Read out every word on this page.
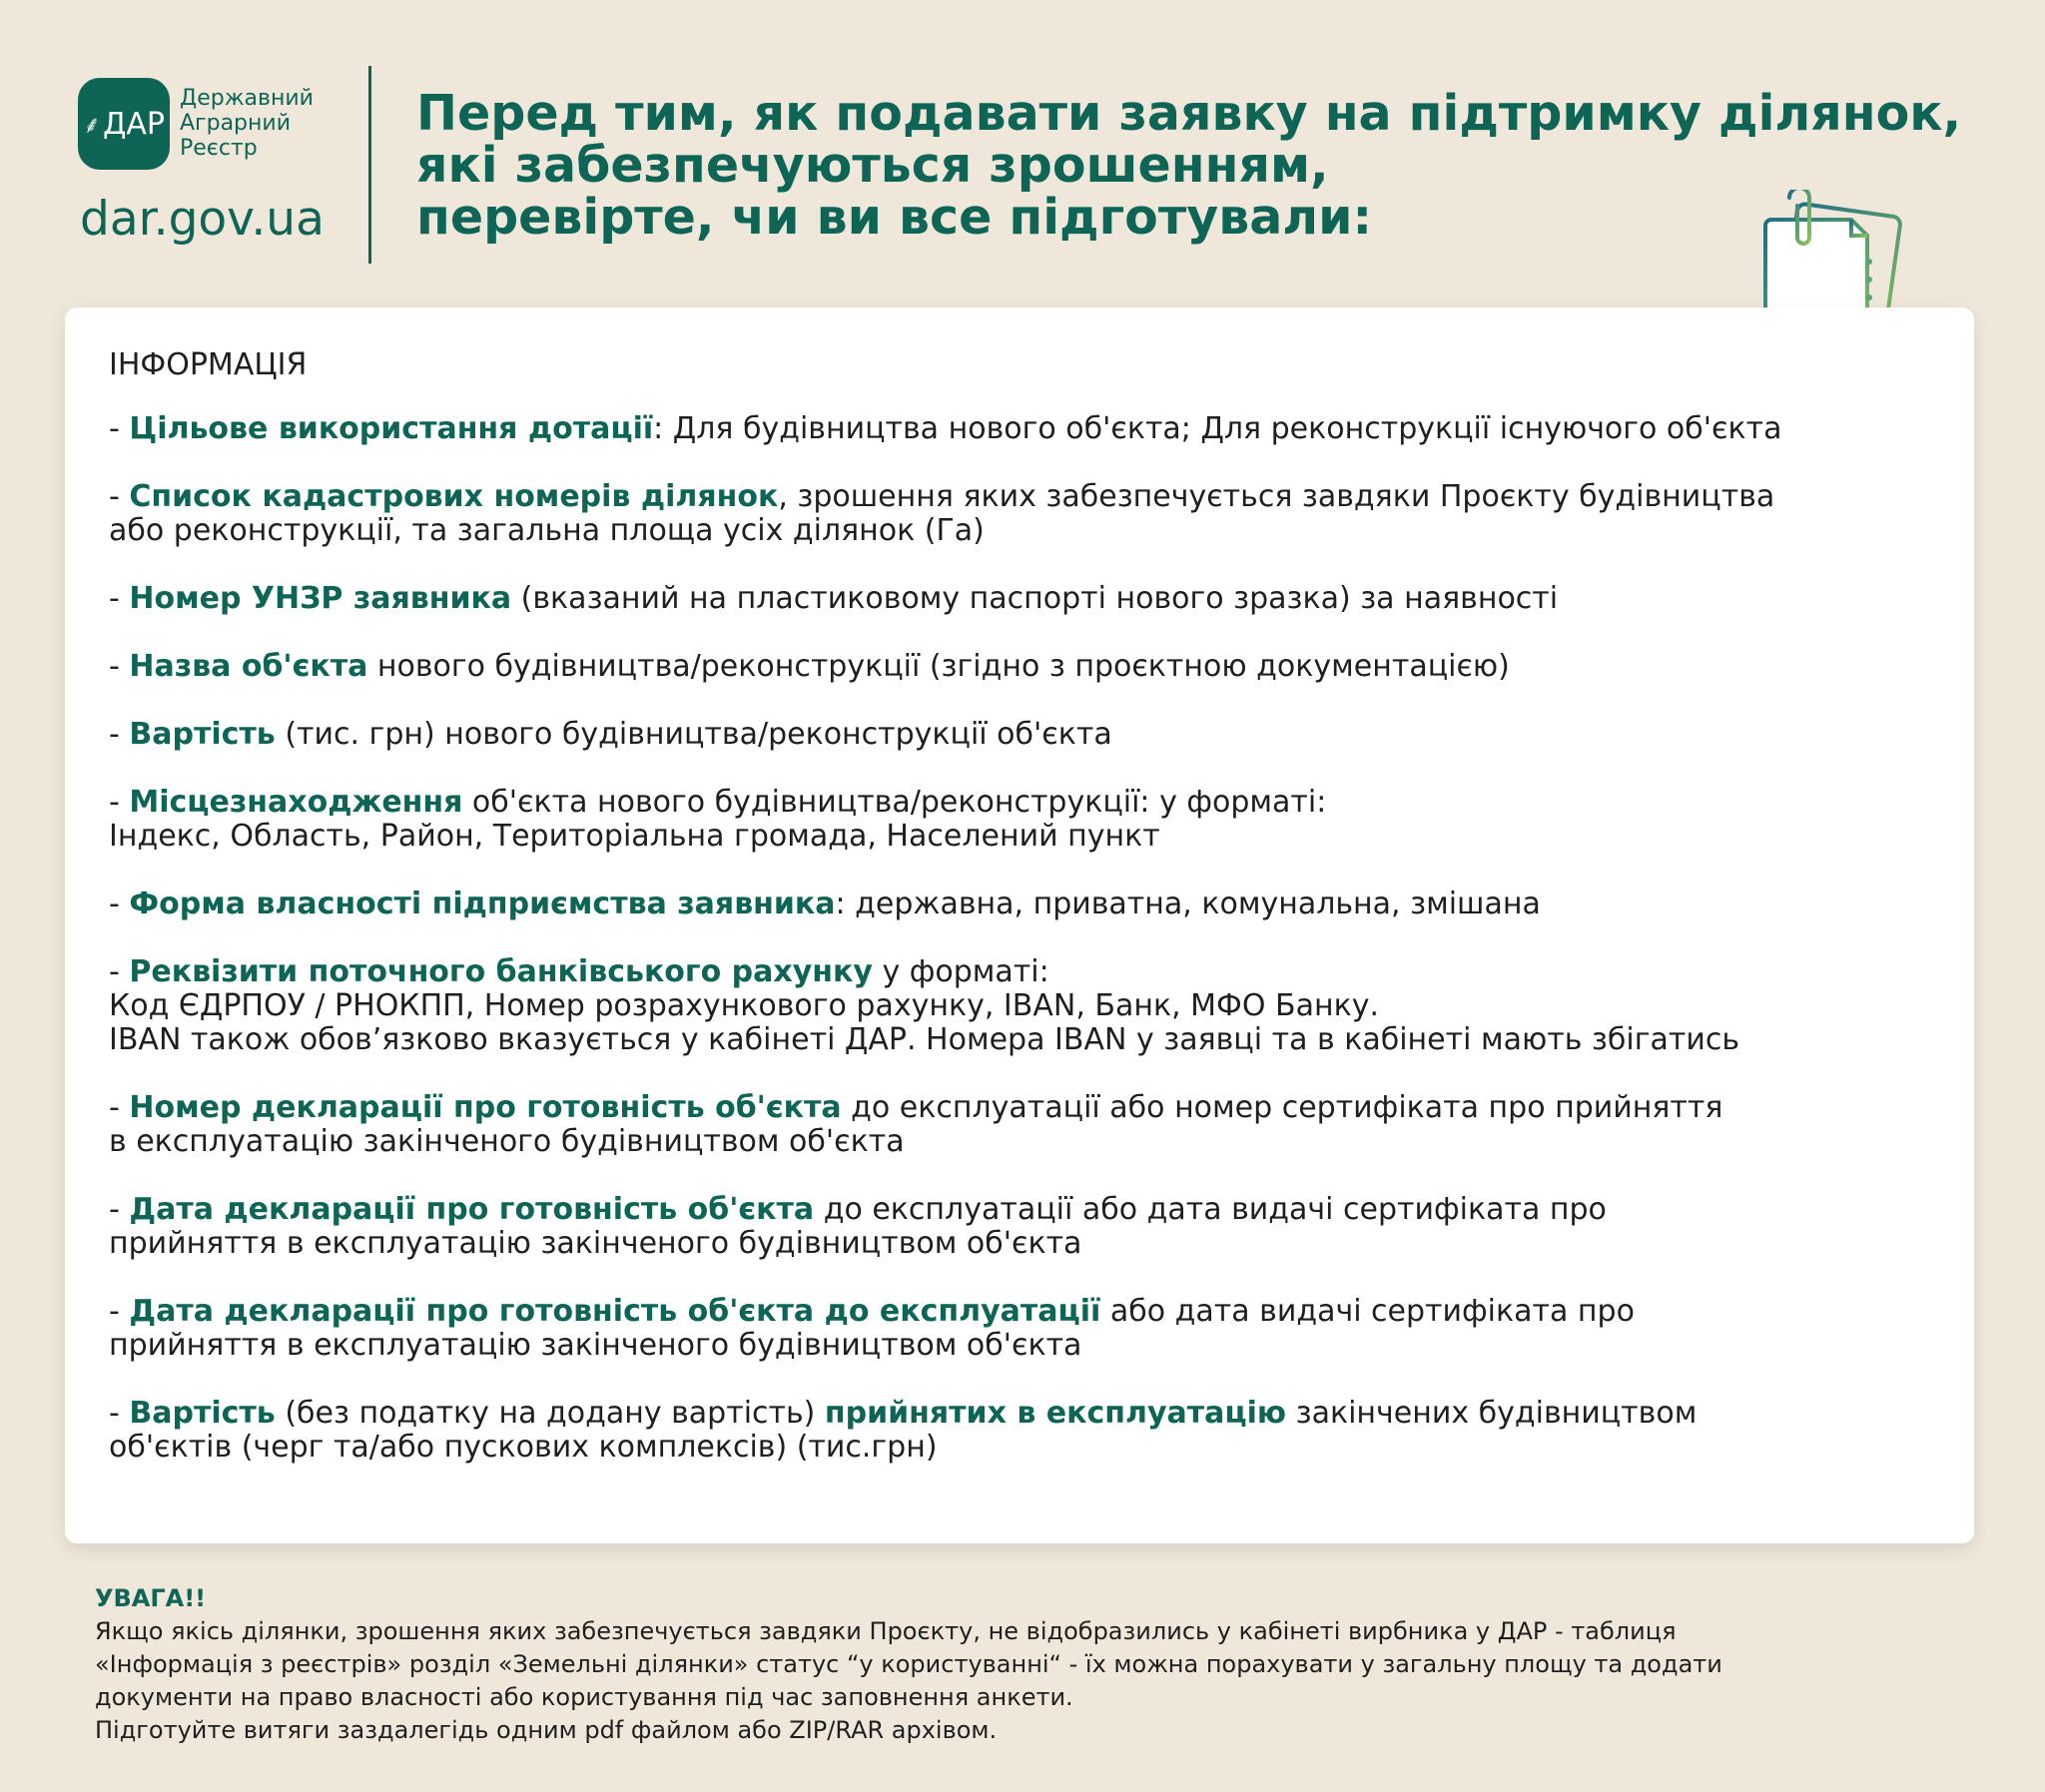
⸙ ДАР
Державний
Аграрний
Реєстр
dar.gov.ua
Перед тим, як подавати заявку на підтримку ділянок,
які забезпечуються зрошенням,
перевірте, чи ви все підготували:
ІНФОРМАЦІЯ
- Цільове використання дотації: Для будівництва нового об'єкта; Для реконструкції існуючого об'єкта
- Список кадастрових номерів ділянок, зрошення яких забезпечується завдяки Проєкту будівництва
або реконструкції, та загальна площа усіх ділянок (Га)
- Номер УНЗР заявника (вказаний на пластиковому паспорті нового зразка) за наявності
- Назва об'єкта нового будівництва/реконструкції (згідно з проєктною документацією)
- Вартість (тис. грн) нового будівництва/реконструкції об'єкта
- Місцезнаходження об'єкта нового будівництва/реконструкції: у форматі:
Індекс, Область, Район, Територіальна громада, Населений пункт
- Форма власності підприємства заявника: державна, приватна, комунальна, змішана
- Реквізити поточного банківського рахунку у форматі:
Код ЄДРПОУ / РНОКПП, Номер розрахункового рахунку, IBAN, Банк, МФО Банку.
IBAN також обов’язково вказується у кабінеті ДАР. Номера IBAN у заявці та в кабінеті мають збігатись
- Номер декларації про готовність об'єкта до експлуатації або номер сертифіката про прийняття
в експлуатацію закінченого будівництвом об'єкта
- Дата декларації про готовність об'єкта до експлуатації або дата видачі сертифіката про
прийняття в експлуатацію закінченого будівництвом об'єкта
- Дата декларації про готовність об'єкта до експлуатації або дата видачі сертифіката про
прийняття в експлуатацію закінченого будівництвом об'єкта
- Вартість (без податку на додану вартість) прийнятих в експлуатацію закінчених будівництвом
об'єктів (черг та/або пускових комплексів) (тис.грн)
УВАГА!!
Якщо якісь ділянки, зрошення яких забезпечується завдяки Проєкту, не відобразились у кабінеті вирбника у ДАР - таблиця
«Інформація з реєстрів» розділ «Земельні ділянки» статус “у користуванні“ - їх можна порахувати у загальну площу та додати
документи на право власності або користування під час заповнення анкети.
Підготуйте витяги заздалегідь одним pdf файлом або ZIP/RAR архівом.
